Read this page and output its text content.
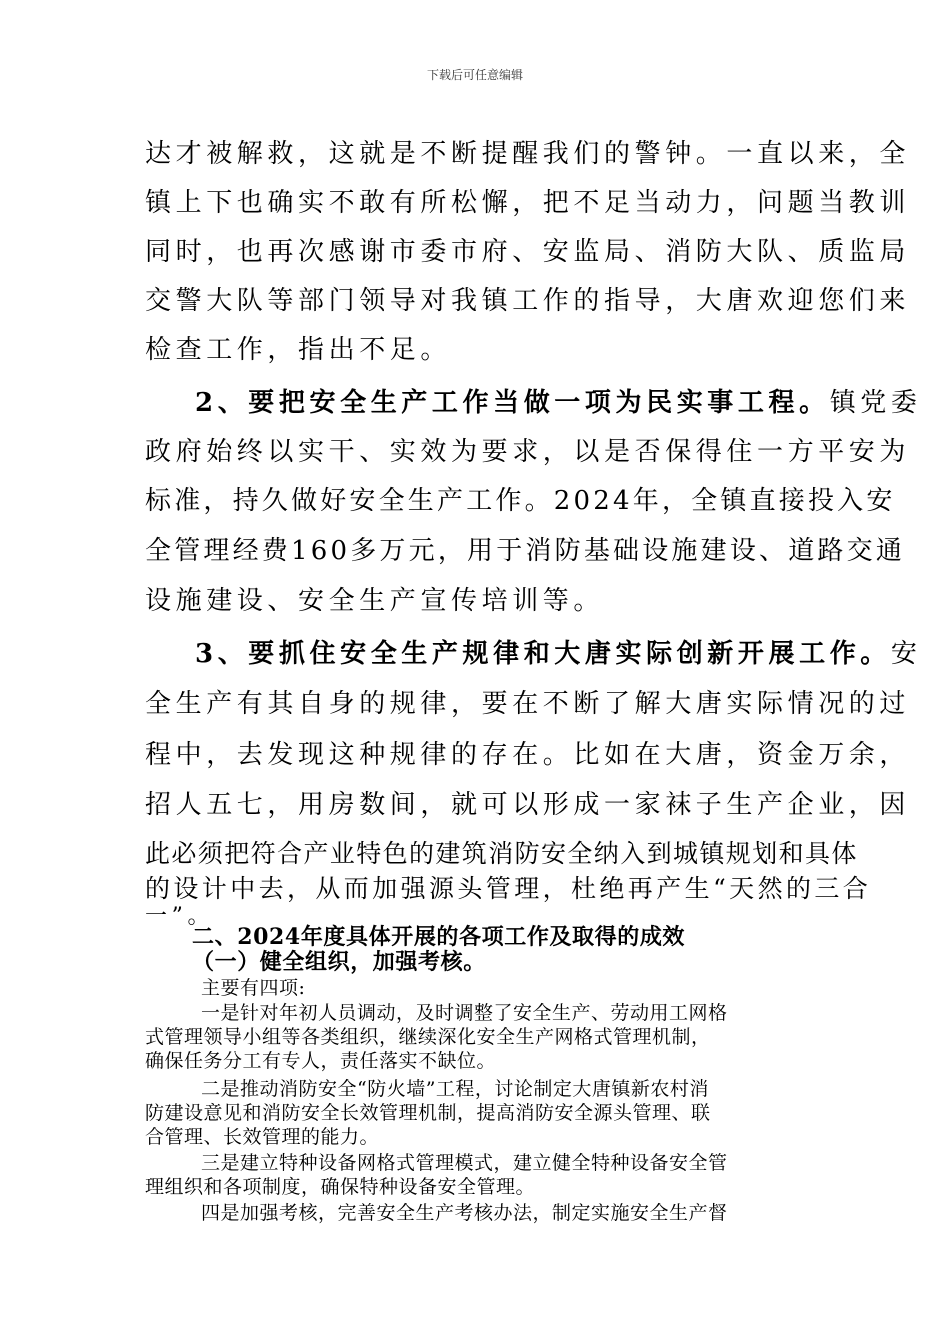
下载后可任意编辑
达才被解救，这就是不断提醒我们的警钟。一直以来，全
镇上下也确实不敢有所松懈，把不足当动力，问题当教训
同时，也再次感谢市委市府、安监局、消防大队、质监局
交警大队等部门领导对我镇工作的指导，大唐欢迎您们来
检查工作，指出不足。
2、要把安全生产工作当做一项为民实事工程。镇党委
政府始终以实干、实效为要求，以是否保得住一方平安为
标准，持久做好安全生产工作。2024年，全镇直接投入安
全管理经费160多万元，用于消防基础设施建设、道路交通
设施建设、安全生产宣传培训等。
3、要抓住安全生产规律和大唐实际创新开展工作。安
全生产有其自身的规律，要在不断了解大唐实际情况的过
程中，去发现这种规律的存在。比如在大唐，资金万余，
招人五七，用房数间，就可以形成一家袜子生产企业，因
此必须把符合产业特色的建筑消防安全纳入到城镇规划和具体
的设计中去，从而加强源头管理，杜绝再产生“天然的三合
一”。
二、2024年度具体开展的各项工作及取得的成效
（一）健全组织，加强考核。
主要有四项:
一是针对年初人员调动，及时调整了安全生产、劳动用工网格
式管理领导小组等各类组织，继续深化安全生产网格式管理机制，
确保任务分工有专人，责任落实不缺位。
二是推动消防安全“防火墙”工程，讨论制定大唐镇新农村消
防建设意见和消防安全长效管理机制，提高消防安全源头管理、联
合管理、长效管理的能力。
三是建立特种设备网格式管理模式，建立健全特种设备安全管
理组织和各项制度，确保特种设备安全管理。
四是加强考核，完善安全生产考核办法，制定实施安全生产督
